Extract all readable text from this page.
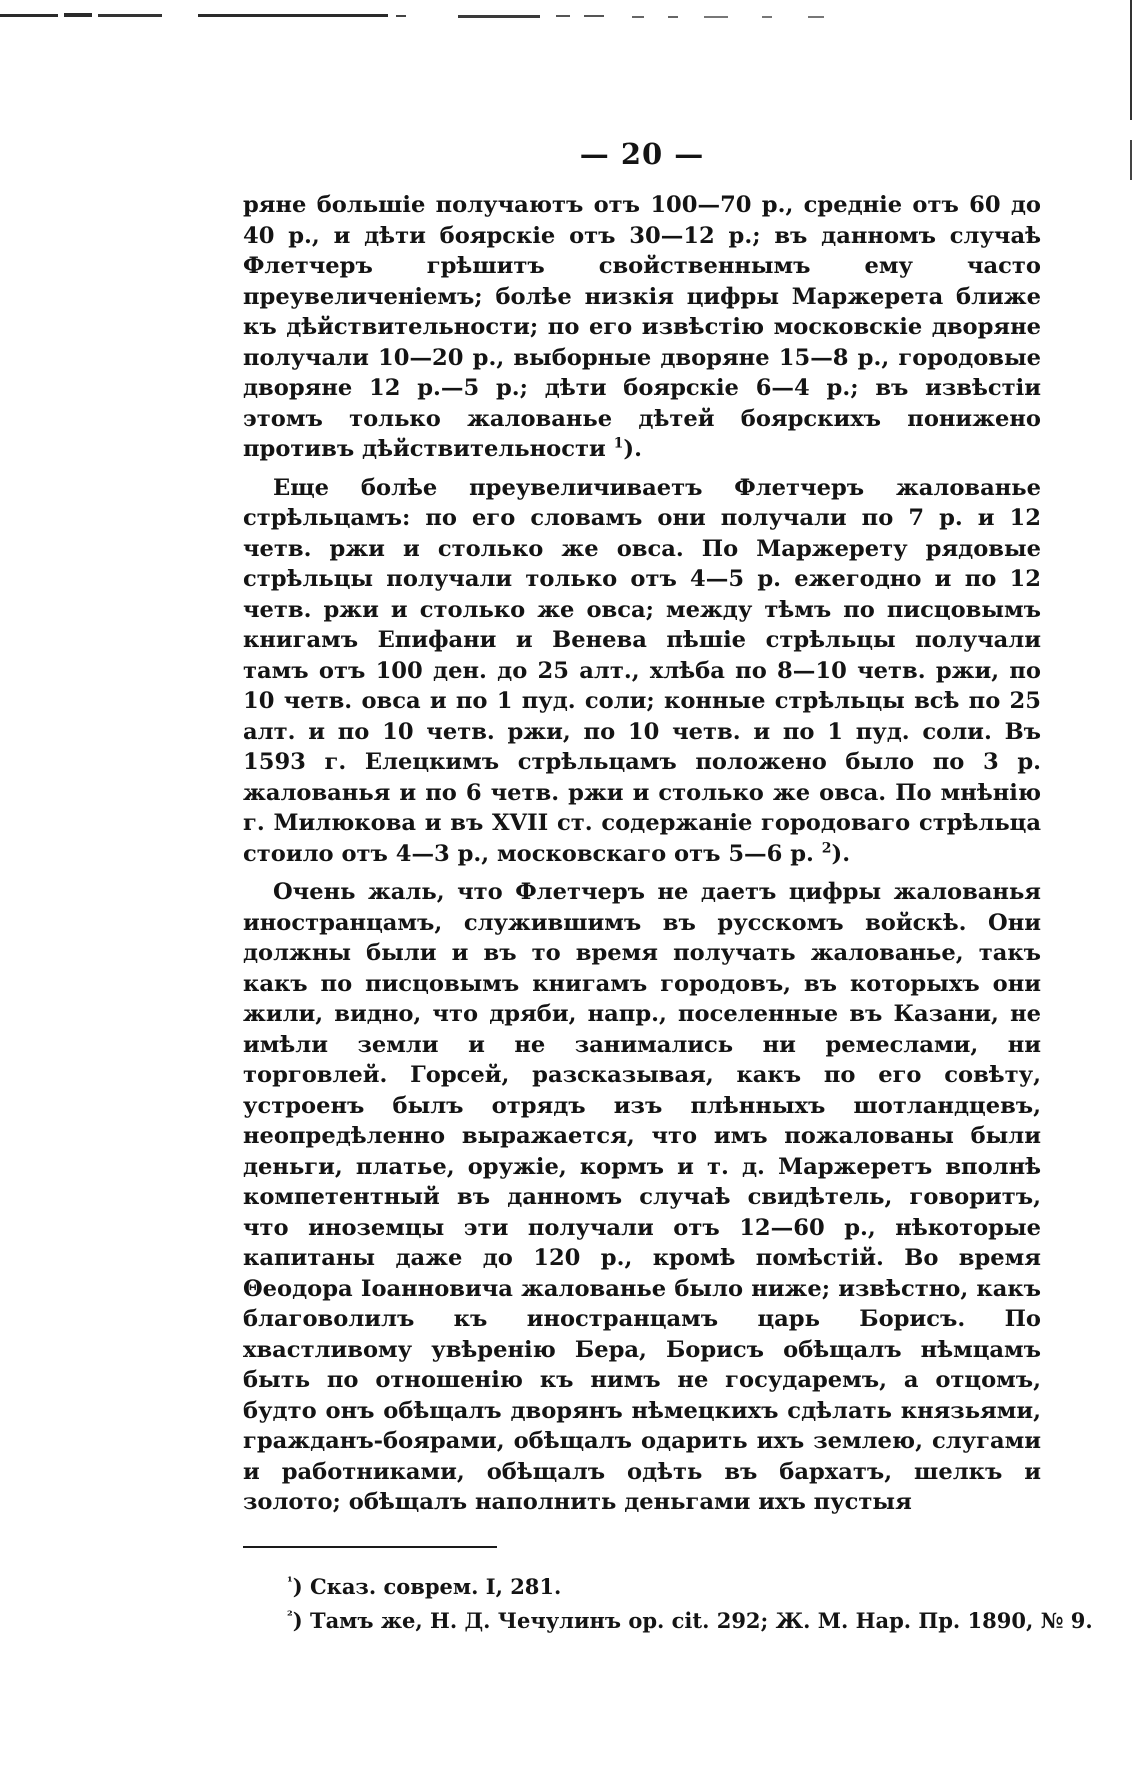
— 20 —

ряне большіе получаютъ отъ 100—70 р., средніе отъ 60 до 40 р., и дѣти боярскіе отъ 30—12 р.; въ данномъ случаѣ Флетчеръ грѣшитъ свойственнымъ ему часто преувеличеніемъ; болѣе низкія цифры Маржерета ближе къ дѣйствительности; по его извѣстію московскіе дворяне получали 10—20 р., выборные дворяне 15—8 р., городовые дворяне 12 р.—5 р.; дѣти боярскіе 6—4 р.; въ извѣстіи этомъ только жалованье дѣтей боярскихъ понижено противъ дѣйствительности $^1$).

Еще болѣе преувеличиваетъ Флетчеръ жалованье стрѣльцамъ: по его словамъ они получали по 7 р. и 12 четв. ржи и столько же овса. По Маржерету рядовые стрѣльцы получали только отъ 4—5 р. ежегодно и по 12 четв. ржи и столько же овса; между тѣмъ по писцовымъ книгамъ Епифани и Венева пѣшіе стрѣльцы получали тамъ отъ 100 ден. до 25 алт., хлѣба по 8—10 четв. ржи, по 10 четв. овса и по 1 пуд. соли; конные стрѣльцы всѣ по 25 алт. и по 10 четв. ржи, по 10 четв. и по 1 пуд. соли. Въ 1593 г. Елецкимъ стрѣльцамъ положено было по 3 р. жалованья и по 6 четв. ржи и столько же овса. По мнѣнію г. Милюкова и въ XVII ст. содержаніе городоваго стрѣльца стоило отъ 4—3 р., московскаго отъ 5—6 р. $^2$).

Очень жаль, что Флетчеръ не даетъ цифры жалованья иностранцамъ, служившимъ въ русскомъ войскѣ. Они должны были и въ то время получать жалованье, такъ какъ по писцовымъ книгамъ городовъ, въ которыхъ они жили, видно, что дряби, напр., поселенные въ Казани, не имѣли земли и не занимались ни ремеслами, ни торговлей. Горсей, разсказывая, какъ по его совѣту, устроенъ былъ отрядъ изъ плѣнныхъ шотландцевъ, неопредѣленно выражается, что имъ пожалованы были деньги, платье, оружіе, кормъ и т. д. Маржеретъ вполнѣ компетентный въ данномъ случаѣ свидѣтель, говоритъ, что иноземцы эти получали отъ 12—60 р., нѣкоторые капитаны даже до 120 р., кромѣ помѣстій. Во время Θеодора Іоанновича жалованье было ниже; извѣстно, какъ благоволилъ къ иностранцамъ царь Борисъ. По хвастливому увѣренію Бера, Борисъ обѣщалъ нѣмцамъ быть по отношенію къ нимъ не государемъ, а отцомъ, будто онъ обѣщалъ дворянъ нѣмецкихъ сдѣлать князьями, гражданъ-боярами, обѣщалъ одарить ихъ землею, слугами и работниками, обѣщалъ одѣть въ бархатъ, шелкъ и золото; обѣщалъ наполнить деньгами ихъ пустыя

$^{^1}$) Сказ. соврем. I, 281.
$^{^2}$) Тамъ же, Н. Д. Чечулинъ op. cit. 292; Ж. М. Нар. Пр. 1890, № 9.
